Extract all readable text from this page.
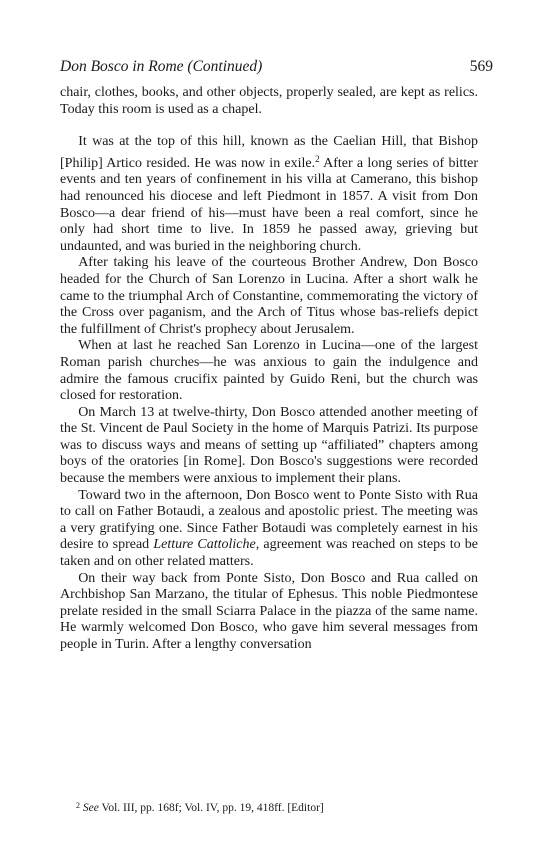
Don Bosco in Rome (Continued)	569

chair, clothes, books, and other objects, properly sealed, are kept as relics. Today this room is used as a chapel.

It was at the top of this hill, known as the Caelian Hill, that Bishop [Philip] Artico resided. He was now in exile.$^2$ After a long series of bitter events and ten years of confinement in his villa at Camerano, this bishop had renounced his diocese and left Piedmont in 1857. A visit from Don Bosco—a dear friend of his—must have been a real comfort, since he only had short time to live. In 1859 he passed away, grieving but undaunted, and was buried in the neighboring church.

After taking his leave of the courteous Brother Andrew, Don Bosco headed for the Church of San Lorenzo in Lucina. After a short walk he came to the triumphal Arch of Constantine, commemorating the victory of the Cross over paganism, and the Arch of Titus whose bas-reliefs depict the fulfillment of Christ's prophecy about Jerusalem.

When at last he reached San Lorenzo in Lucina—one of the largest Roman parish churches—he was anxious to gain the indulgence and admire the famous crucifix painted by Guido Reni, but the church was closed for restoration.

On March 13 at twelve-thirty, Don Bosco attended another meeting of the St. Vincent de Paul Society in the home of Marquis Patrizi. Its purpose was to discuss ways and means of setting up “affiliated” chapters among boys of the oratories [in Rome]. Don Bosco's suggestions were recorded because the members were anxious to implement their plans.

Toward two in the afternoon, Don Bosco went to Ponte Sisto with Rua to call on Father Botaudi, a zealous and apostolic priest. The meeting was a very gratifying one. Since Father Botaudi was completely earnest in his desire to spread Letture Cattoliche, agreement was reached on steps to be taken and on other related matters.

On their way back from Ponte Sisto, Don Bosco and Rua called on Archbishop San Marzano, the titular of Ephesus. This noble Piedmontese prelate resided in the small Sciarra Palace in the piazza of the same name. He warmly welcomed Don Bosco, who gave him several messages from people in Turin. After a lengthy conversation

$^2$ See Vol. III, pp. 168f; Vol. IV, pp. 19, 418ff. [Editor]
